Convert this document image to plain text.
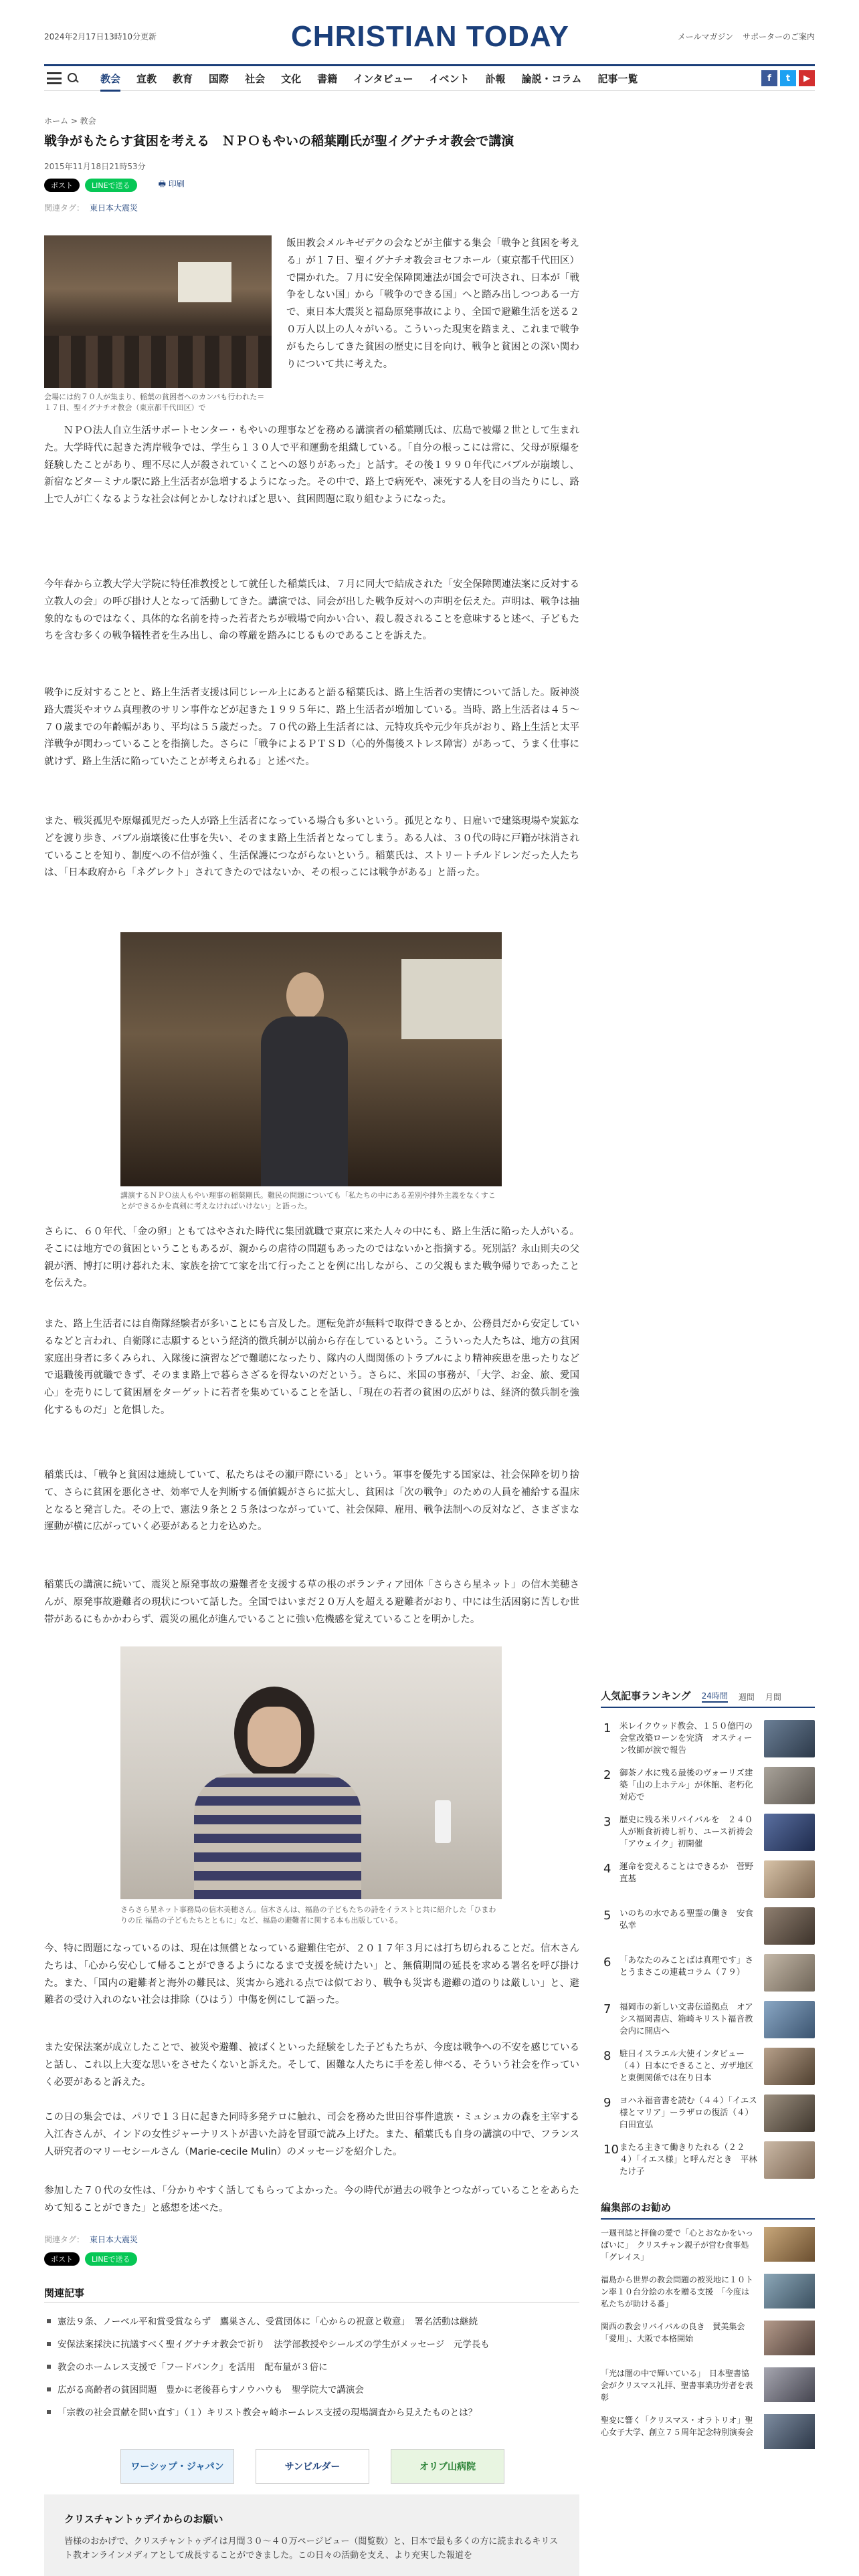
2024年2月17日13時10分更新	CHRISTIAN TODAY	メールマガジン サポーターのご案内
教会 宣教 教育 国際 社会 文化 書籍 インタビュー イベント 訃報 論説・コラム 記事一覧	f	t	▶
ホーム > 教会
戦争がもたらす貧困を考える　ＮＰＯもやいの稲葉剛氏が聖イグナチオ教会で講演
2015年11月18日21時53分
ポスト	LINEで送る	🖶 印刷
関連タグ： 東日本大震災
会場には約７０人が集まり、稲葉の貧困者へのカンパも行われた＝１７日、聖イグナチオ教会（東京都千代田区）で
飯田教会メルキゼデクの会などが主催する集会「戦争と貧困を考える」が１７日、聖イグナチオ教会ヨセフホール（東京都千代田区）で開かれた。７月に安全保障関連法が国会で可決され、日本が「戦争をしない国」から「戦争のできる国」へと踏み出しつつある一方で、東日本大震災と福島原発事故により、全国で避難生活を送る２０万人以上の人々がいる。こういった現実を踏まえ、これまで戦争がもたらしてきた貧困の歴史に目を向け、戦争と貧困との深い関わりについて共に考えた。
ＮＰＯ法人自立生活サポートセンター・もやいの理事などを務める講演者の稲葉剛氏は、広島で被爆２世として生まれた。大学時代に起きた湾岸戦争では、学生ら１３０人で平和運動を組織している。「自分の根っこには常に、父母が原爆を経験したことがあり、理不尽に人が殺されていくことへの怒りがあった」と話す。その後１９９０年代にバブルが崩壊し、新宿などターミナル駅に路上生活者が急増するようになった。その中で、路上で病死や、凍死する人を目の当たりにし、路上で人が亡くなるような社会は何とかしなければと思い、貧困問題に取り組むようになった。
今年春から立教大学大学院に特任准教授として就任した稲葉氏は、７月に同大で結成された「安全保障関連法案に反対する立教人の会」の呼び掛け人となって活動してきた。講演では、同会が出した戦争反対への声明を伝えた。声明は、戦争は抽象的なものではなく、具体的な名前を持った若者たちが戦場で向かい合い、殺し殺されることを意味すると述べ、子どもたちを含む多くの戦争犠牲者を生み出し、命の尊厳を踏みにじるものであることを訴えた。
戦争に反対することと、路上生活者支援は同じレール上にあると語る稲葉氏は、路上生活者の実情について話した。阪神淡路大震災やオウム真理教のサリン事件などが起きた１９９５年に、路上生活者が増加している。当時、路上生活者は４５〜７０歳までの年齢幅があり、平均は５５歳だった。７０代の路上生活者には、元特攻兵や元少年兵がおり、路上生活と太平洋戦争が関わっていることを指摘した。さらに「戦争によるＰＴＳＤ（心的外傷後ストレス障害）があって、うまく仕事に就けず、路上生活に陥っていたことが考えられる」と述べた。
また、戦災孤児や原爆孤児だった人が路上生活者になっている場合も多いという。孤児となり、日雇いで建築現場や炭鉱などを渡り歩き、バブル崩壊後に仕事を失い、そのまま路上生活者となってしまう。ある人は、３０代の時に戸籍が抹消されていることを知り、制度への不信が強く、生活保護につながらないという。稲葉氏は、ストリートチルドレンだった人たちは、「日本政府から「ネグレクト」されてきたのではないか、その根っこには戦争がある」と語った。
講演するＮＰＯ法人もやい理事の稲葉剛氏。難民の問題についても「私たちの中にある差別や排外主義をなくすことができるかを真剣に考えなければいけない」と語った。
さらに、６０年代、「金の卵」ともてはやされた時代に集団就職で東京に来た人々の中にも、路上生活に陥った人がいる。そこには地方での貧困ということもあるが、親からの虐待の問題もあったのではないかと指摘する。死別話？永山則夫の父親が酒、博打に明け暮れた末、家族を捨てて家を出て行ったことを例に出しながら、この父親もまた戦争帰りであったことを伝えた。
また、路上生活者には自衛隊経験者が多いことにも言及した。運転免許が無料で取得できるとか、公務員だから安定しているなどと言われ、自衛隊に志願するという経済的徴兵制が以前から存在しているという。こういった人たちは、地方の貧困家庭出身者に多くみられ、入隊後に演習などで難聴になったり、隊内の人間関係のトラブルにより精神疾患を患ったりなどで退職後再就職できず、そのまま路上で暮らさざるを得ないのだという。さらに、米国の事務が、「大学、お金、旅、愛国心」を売りにして貧困層をターゲットに若者を集めていることを話し、「現在の若者の貧困の広がりは、経済的徴兵制を強化するものだ」と危惧した。
稲葉氏は、「戦争と貧困は連続していて、私たちはその瀬戸際にいる」という。軍事を優先する国家は、社会保障を切り捨て、さらに貧困を悪化させ、効率で人を判断する価値観がさらに拡大し、貧困は「次の戦争」のための人員を補給する温床となると発言した。その上で、憲法９条と２５条はつながっていて、社会保障、雇用、戦争法制への反対など、さまざまな運動が横に広がっていく必要があると力を込めた。
稲葉氏の講演に続いて、震災と原発事故の避難者を支援する草の根のボランティア団体「さらさら星ネット」の信木美穂さんが、原発事故避難者の現状について話した。全国ではいまだ２０万人を超える避難者がおり、中には生活困窮に苦しむ世帯があるにもかかわらず、震災の風化が進んでいることに強い危機感を覚えていることを明かした。
さらさら星ネット事務局の信木美穂さん。信木さんは、福島の子どもたちの詩をイラストと共に紹介した「ひまわりの丘 福島の子どもたちとともに」など、福島の避難者に関する本も出版している。
今、特に問題になっているのは、現在は無償となっている避難住宅が、２０１７年３月には打ち切られることだ。信木さんたちは、「心から安心して帰ることができるようになるまで支援を続けたい」と、無償期間の延長を求める署名を呼び掛けた。また、「国内の避難者と海外の難民は、災害から逃れる点では似ており、戦争も災害も避難の道のりは厳しい」と、避難者の受け入れのない社会は排除（ひはう）中傷を例にして語った。
また安保法案が成立したことで、被災や避難、被ばくといった経験をした子どもたちが、今度は戦争への不安を感じていると話し、これ以上大変な思いをさせたくないと訴えた。そして、困難な人たちに手を差し伸べる、そういう社会を作っていく必要があると訴えた。
この日の集会では、パリで１３日に起きた同時多発テロに触れ、司会を務めた世田谷事件遺族・ミュシュカの森を主宰する入江杏さんが、インドの女性ジャーナリストが書いた詩を冒頭で読み上げた。また、稲葉氏も自身の講演の中で、フランス人研究者のマリーセシールさん（Marie-cecile Mulin）のメッセージを紹介した。
参加した７０代の女性は、「分かりやすく話してもらってよかった。今の時代が過去の戦争とつながっていることをあらためて知ることができた」と感想を述べた。
関連タグ： 東日本大震災
ポスト	LINEで送る
関連記事
憲法９条、ノーベル平和賞受賞ならず　鷹巣さん、受賞団体に「心からの祝意と敬意」　署名活動は継続
安保法案採決に抗議すべく聖イグナチオ教会で祈り　法学部教授やシールズの学生がメッセージ　元学長も
教会のホームレス支援で「フードバンク」を活用　配布量が３倍に
広がる高齢者の貧困問題　豊かに老後暮らすノウハウも　聖学院大で講演会
「宗教の社会貢献を問い直す」（１）キリスト教会ャ崎ホームレス支援の現場調査から見えたものとは？
ワーシップ・ジャパン	サンビルダー	オリブ山病院
クリスチャントゥデイからのお願い
皆様のおかげで、クリスチャントゥデイは月間３０〜４０万ページビュー（閲覧数）と、日本で最も多くの方に読まれるキリスト教オンラインメディアとして成長することができました。この日々の活動を支え、より充実した報道を
人気記事ランキング 24時間 週間 月間
1 米レイクウッド教会、１５０億円の会堂改築ローンを完済　オスティーン牧師が涙で報告
2 御茶ノ水に残る最後のヴォーリズ建築「山の上ホテル」が休館、老朽化対応で
3 歴史に残る米リバイバルを　２４０人が断食祈祷し祈り、ユース祈祷会「アウェイク」初開催
4 運命を変えることはできるか　菅野直基
5 いのちの水である聖霊の働き　安食弘幸
6 「あなたのみことばは真理です」さとうまさこの連載コラム（７９）
7 福岡市の新しい文書伝道拠点　オアシス福岡書店、箱崎キリスト福音教会内に開店へ
8 駐日イスラエル大使インタビュー（４）日本にできること、ガザ地区と東側関係では在り日本
9 ヨハネ福音書を読む（４４）「イエス様とマリア」ーラザロの復活（４）　臼田宣弘
10 またる主きて働きりたれる（２２４）「イエス様」と呼んだとき　平林たけ子
編集部のお勧め
一週刊誌と拝倫の愛で「心とおなかをいっぱいに」　クリスチャン親子が営む食事処「グレイス」
福島から世界の教会問題の被災地に１０トン率１０台分絵の水を贈る支援　「今度は私たちが助ける番」
関西の教会リバイバルの良き　賛美集会「愛用」、大阪で本格開始
「光は闇の中で輝いている」　日本聖書協会がクリスマス礼拝、聖書事業功労者を表彰
聖変に響く「クリスマス・オラトリオ」聖心女子大学、創立７５周年記念特別演奏会
